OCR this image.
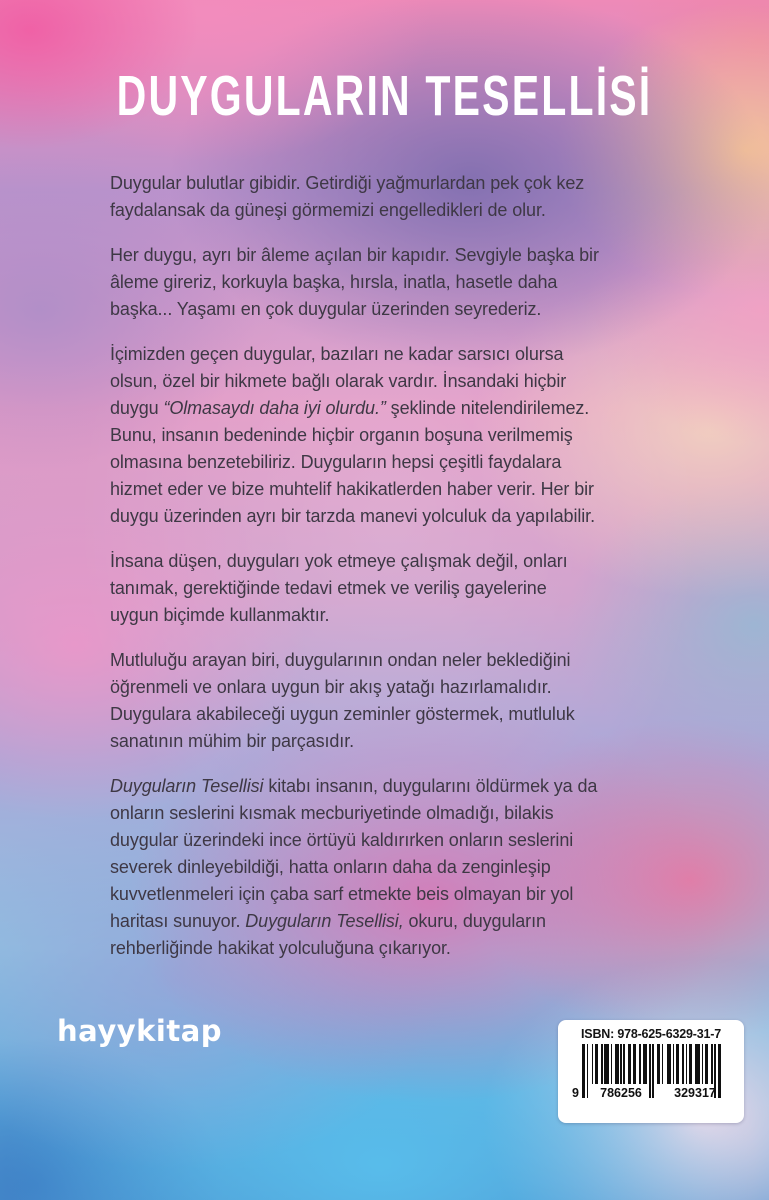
DUYGULARIN TESELLİSİ

Duygular bulutlar gibidir. Getirdiği yağmurlardan pek çok kez
faydalansak da güneşi görmemizi engelledikleri de olur.

Her duygu, ayrı bir âleme açılan bir kapıdır. Sevgiyle başka bir
âleme gireriz, korkuyla başka, hırsla, inatla, hasetle daha
başka... Yaşamı en çok duygular üzerinden seyrederiz.

İçimizden geçen duygular, bazıları ne kadar sarsıcı olursa
olsun, özel bir hikmete bağlı olarak vardır. İnsandaki hiçbir
duygu “Olmasaydı daha iyi olurdu.” şeklinde nitelendirilemez.
Bunu, insanın bedeninde hiçbir organın boşuna verilmemiş
olmasına benzetebiliriz. Duyguların hepsi çeşitli faydalara
hizmet eder ve bize muhtelif hakikatlerden haber verir. Her bir
duygu üzerinden ayrı bir tarzda manevi yolculuk da yapılabilir.

İnsana düşen, duyguları yok etmeye çalışmak değil, onları
tanımak, gerektiğinde tedavi etmek ve veriliş gayelerine
uygun biçimde kullanmaktır.

Mutluluğu arayan biri, duygularının ondan neler beklediğini
öğrenmeli ve onlara uygun bir akış yatağı hazırlamalıdır.
Duygulara akabileceği uygun zeminler göstermek, mutluluk
sanatının mühim bir parçasıdır.

Duyguların Tesellisi kitabı insanın, duygularını öldürmek ya da
onların seslerini kısmak mecburiyetinde olmadığı, bilakis
duygular üzerindeki ince örtüyü kaldırırken onların seslerini
severek dinleyebildiği, hatta onların daha da zenginleşip
kuvvetlenmeleri için çaba sarf etmekte beis olmayan bir yol
haritası sunuyor. Duyguların Tesellisi, okuru, duyguların
rehberliğinde hakikat yolculuğuna çıkarıyor.

hayykitap	ISBN: 978-625-6329-31-7
9	786256	329317
